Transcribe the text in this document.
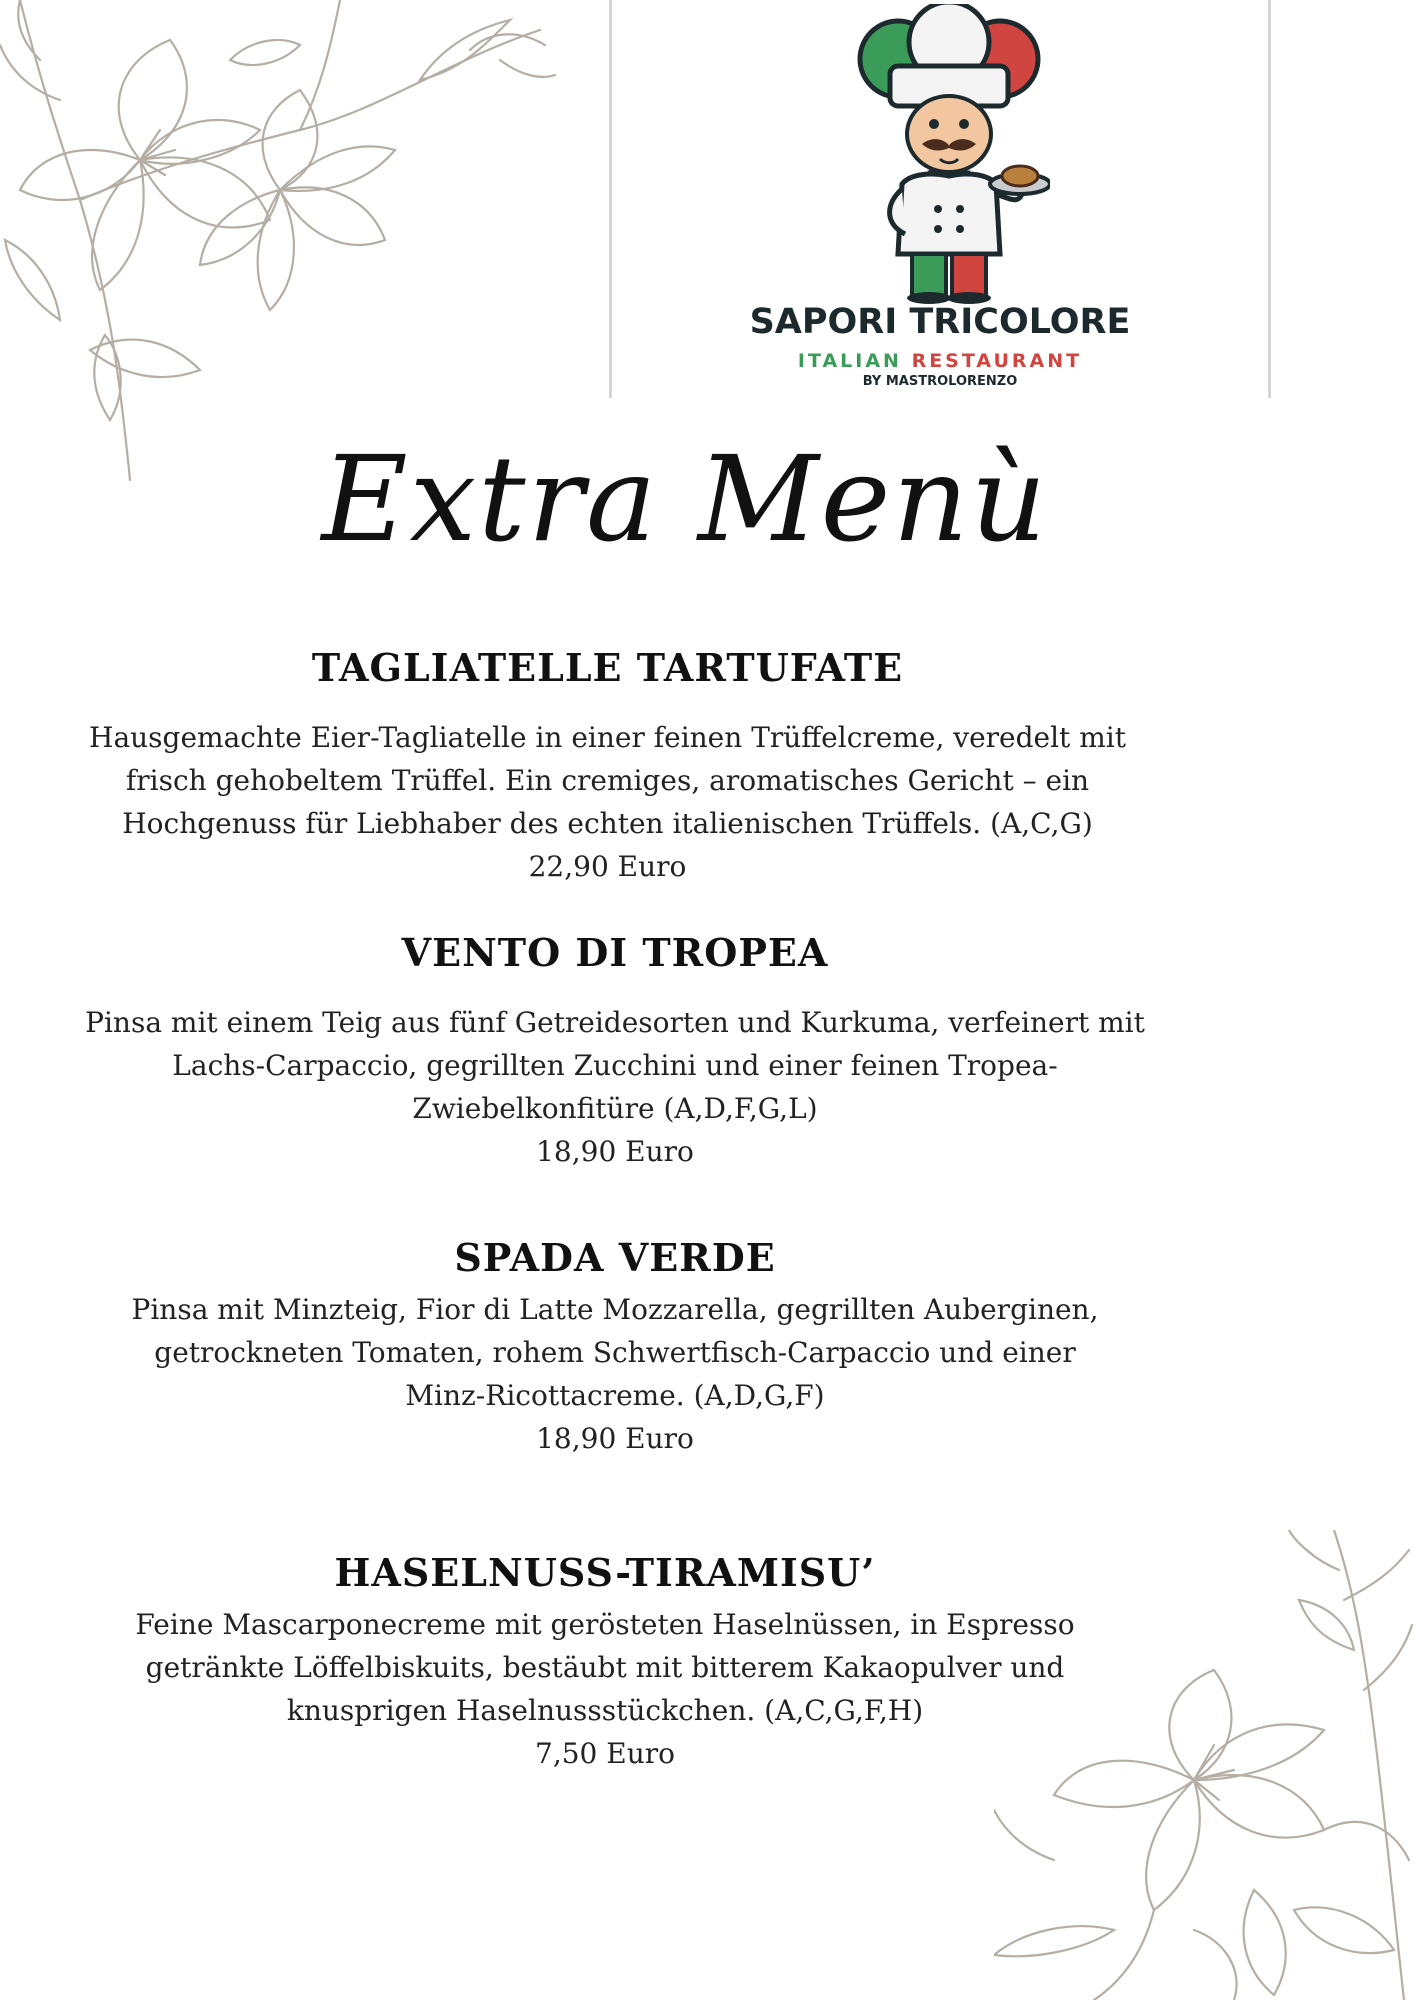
SAPORI TRICOLORE
ITALIAN RESTAURANT
BY MASTROLORENZO
Extra Menù
TAGLIATELLE TARTUFATE
Hausgemachte Eier-Tagliatelle in einer feinen Trüffelcreme, veredelt mit
frisch gehobeltem Trüffel. Ein cremiges, aromatisches Gericht – ein
Hochgenuss für Liebhaber des echten italienischen Trüffels. (A,C,G)
22,90 Euro
VENTO DI TROPEA
Pinsa mit einem Teig aus fünf Getreidesorten und Kurkuma, verfeinert mit
Lachs-Carpaccio, gegrillten Zucchini und einer feinen Tropea-
Zwiebelkonfitüre (A,D,F,G,L)
18,90 Euro
SPADA VERDE
Pinsa mit Minzteig, Fior di Latte Mozzarella, gegrillten Auberginen,
getrockneten Tomaten, rohem Schwertfisch-Carpaccio und einer
Minz-Ricottacreme. (A,D,G,F)
18,90 Euro
HASELNUSS-TIRAMISU’
Feine Mascarponecreme mit gerösteten Haselnüssen, in Espresso
getränkte Löffelbiskuits, bestäubt mit bitterem Kakaopulver und
knusprigen Haselnussstückchen. (A,C,G,F,H)
7,50 Euro
